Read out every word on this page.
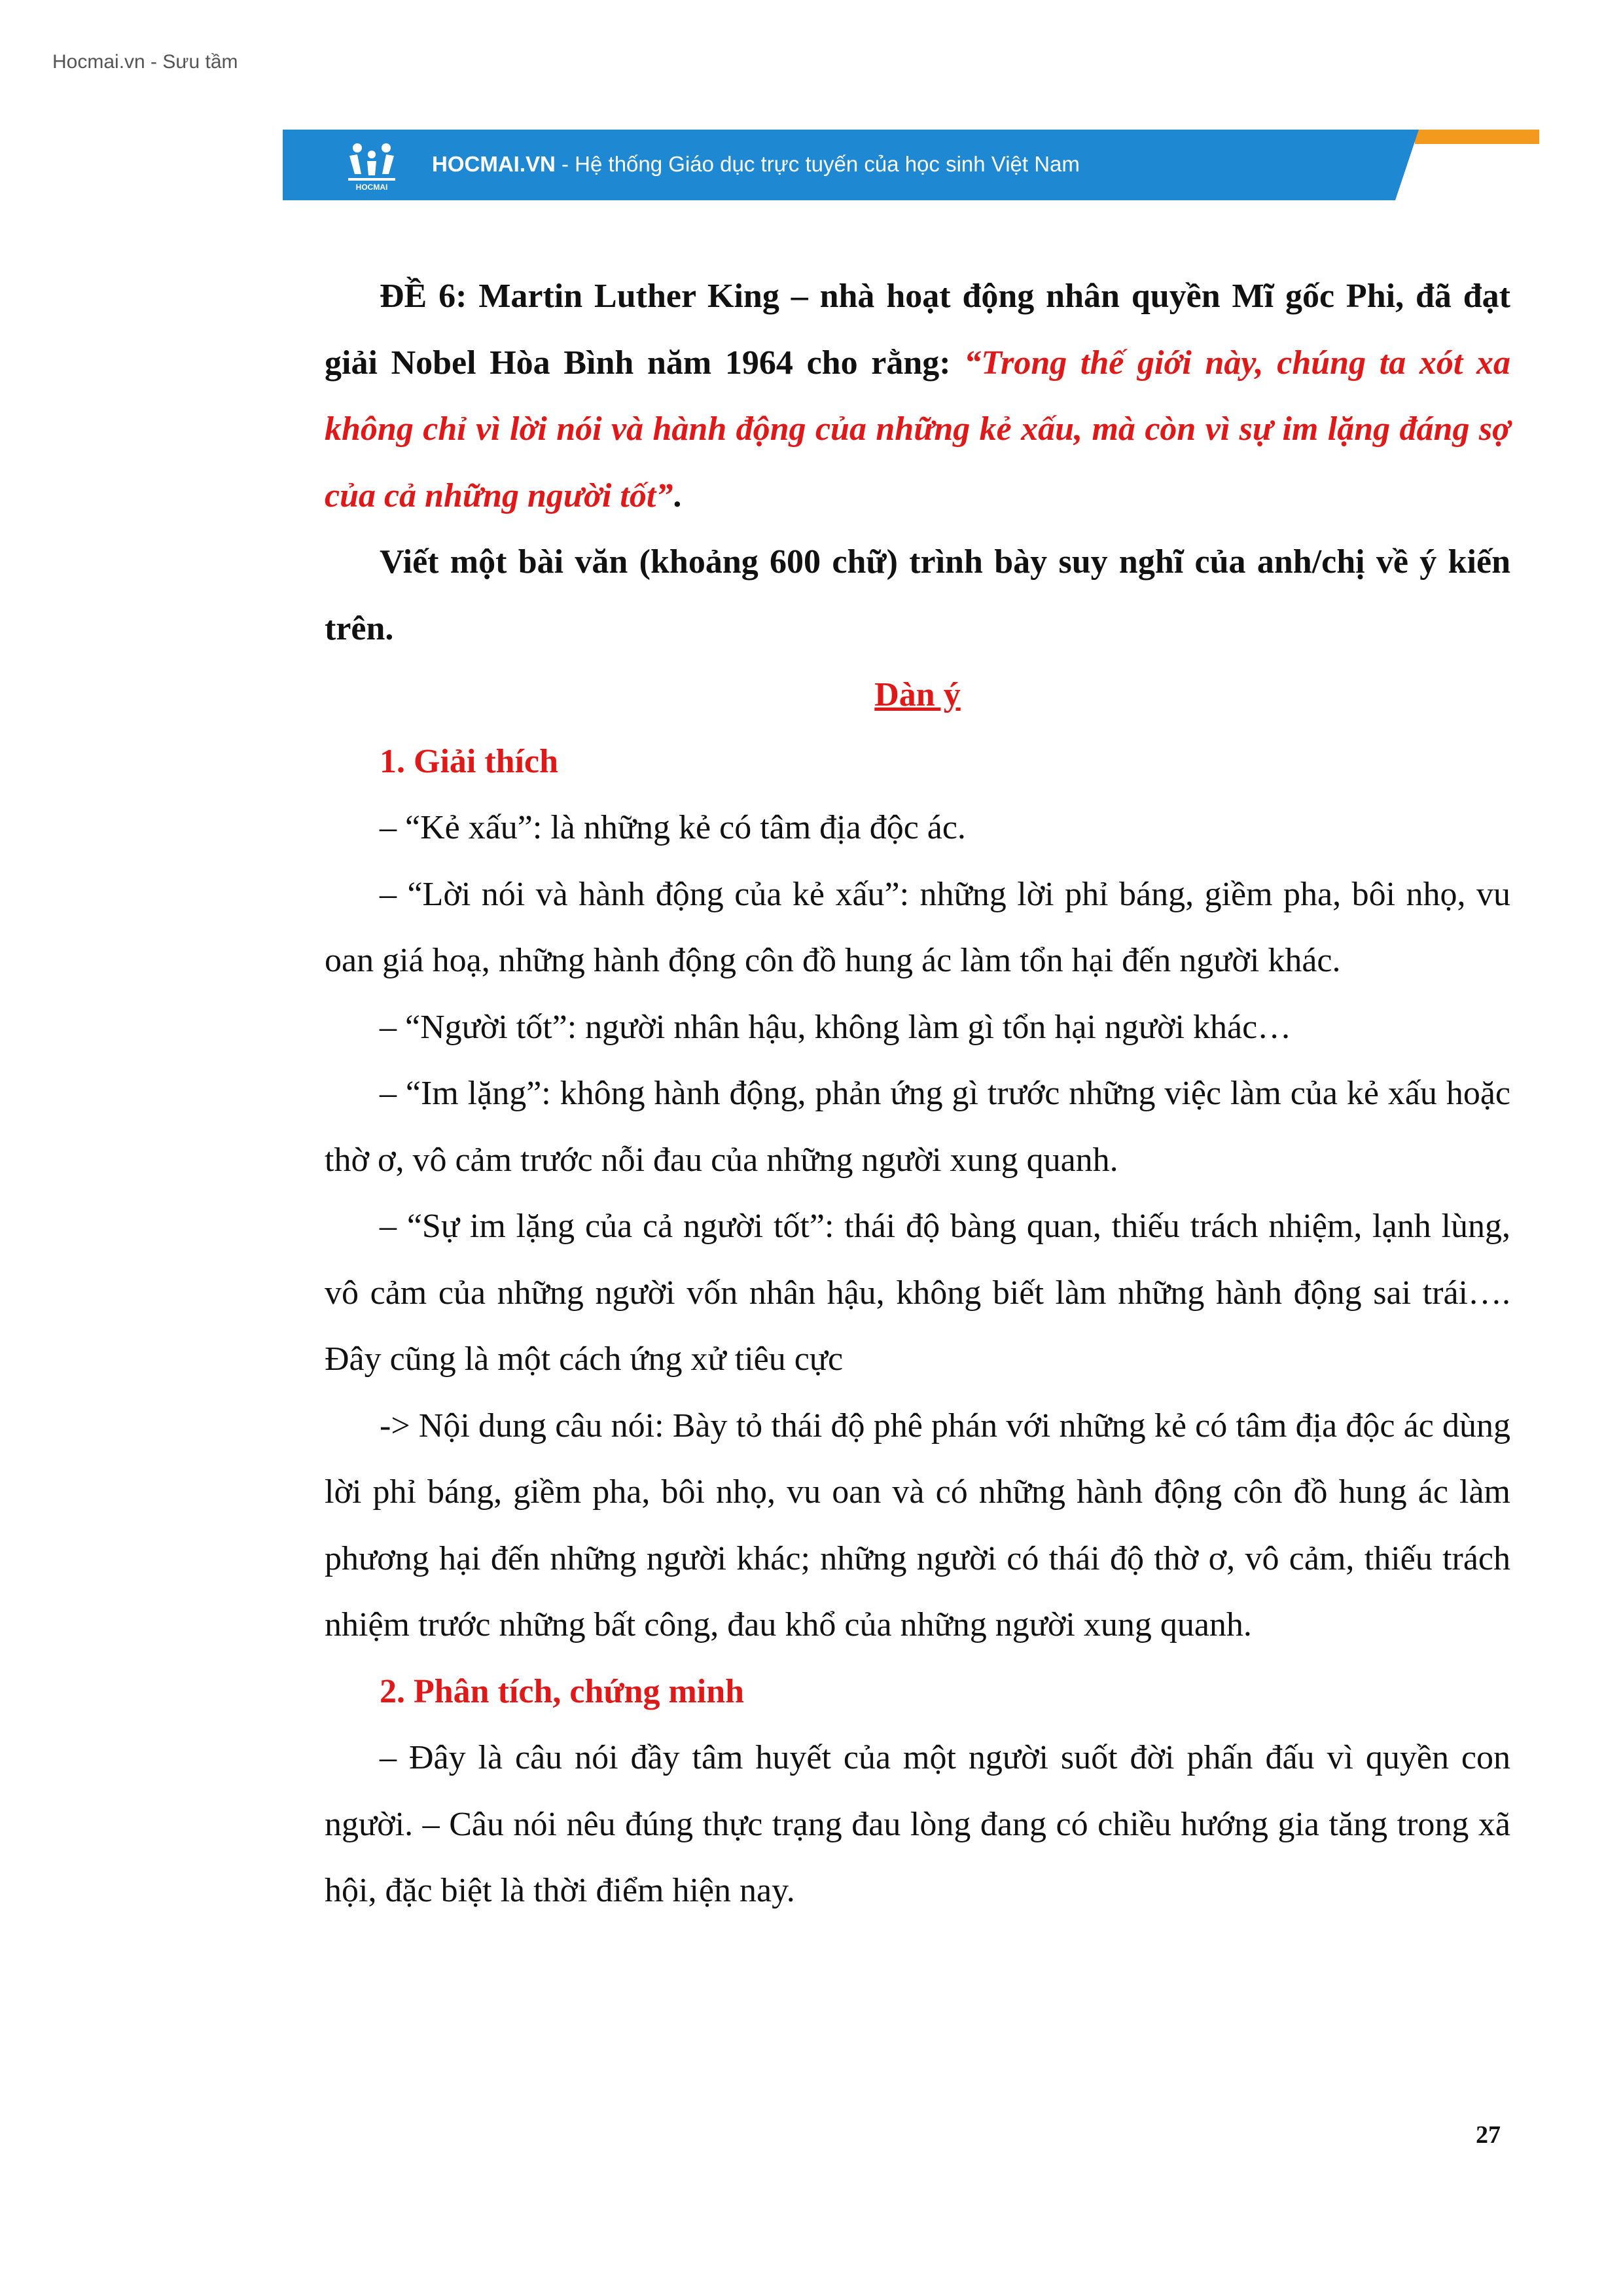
Hocmai.vn - Sưu tầm
HOCMAI
HOCMAI.VN - Hệ thống Giáo dục trực tuyến của học sinh Việt Nam

ĐỀ 6: Martin Luther King – nhà hoạt động nhân quyền Mĩ gốc Phi, đã đạt giải Nobel Hòa Bình năm 1964 cho rằng: “Trong thế giới này, chúng ta xót xa không chỉ vì lời nói và hành động của những kẻ xấu, mà còn vì sự im lặng đáng sợ của cả những người tốt”.

Viết một bài văn (khoảng 600 chữ) trình bày suy nghĩ của anh/chị về ý kiến trên.

Dàn ý

1. Giải thích

– “Kẻ xấu”: là những kẻ có tâm địa độc ác.

– “Lời nói và hành động của kẻ xấu”: những lời phỉ báng, giềm pha, bôi nhọ, vu oan giá hoạ, những hành động côn đồ hung ác làm tổn hại đến người khác.

– “Người tốt”: người nhân hậu, không làm gì tổn hại người khác…

– “Im lặng”: không hành động, phản ứng gì trước những việc làm của kẻ xấu hoặc thờ ơ, vô cảm trước nỗi đau của những người xung quanh.

– “Sự im lặng của cả người tốt”: thái độ bàng quan, thiếu trách nhiệm, lạnh lùng, vô cảm của những người vốn nhân hậu, không biết làm những hành động sai trái…. Đây cũng là một cách ứng xử tiêu cực

-> Nội dung câu nói: Bày tỏ thái độ phê phán với những kẻ có tâm địa độc ác dùng lời phỉ báng, giềm pha, bôi nhọ, vu oan và có những hành động côn đồ hung ác làm phương hại đến những người khác; những người có thái độ thờ ơ, vô cảm, thiếu trách nhiệm trước những bất công, đau khổ của những người xung quanh.

2. Phân tích, chứng minh

– Đây là câu nói đầy tâm huyết của một người suốt đời phấn đấu vì quyền con người. – Câu nói nêu đúng thực trạng đau lòng đang có chiều hướng gia tăng trong xã hội, đặc biệt là thời điểm hiện nay.

27
